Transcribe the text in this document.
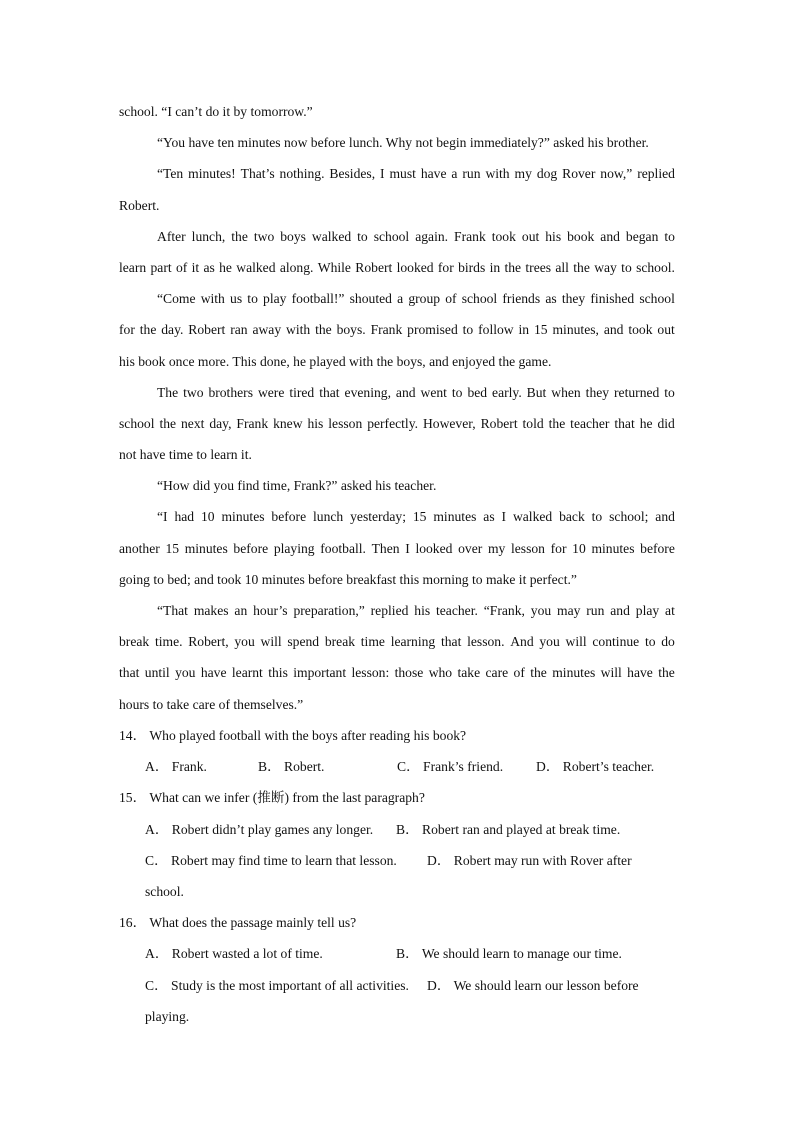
school. “I can’t do it by tomorrow.”
“You have ten minutes now before lunch. Why not begin immediately?” asked his brother.
“Ten minutes! That’s nothing. Besides, I must have a run with my dog Rover now,” replied
Robert.
After lunch, the two boys walked to school again. Frank took out his book and began to
learn part of it as he walked along. While Robert looked for birds in the trees all the way to school.
“Come with us to play football!” shouted a group of school friends as they finished school
for the day. Robert ran away with the boys. Frank promised to follow in 15 minutes, and took out
his book once more. This done, he played with the boys, and enjoyed the game.
The two brothers were tired that evening, and went to bed early. But when they returned to
school the next day, Frank knew his lesson perfectly. However, Robert told the teacher that he did
not have time to learn it.
“How did you find time, Frank?” asked his teacher.
“I had 10 minutes before lunch yesterday; 15 minutes as I walked back to school; and
another 15 minutes before playing football. Then I looked over my lesson for 10 minutes before
going to bed; and took 10 minutes before breakfast this morning to make it perfect.”
“That makes an hour’s preparation,” replied his teacher. “Frank, you may run and play at
break time. Robert, you will spend break time learning that lesson. And you will continue to do
that until you have learnt this important lesson: those who take care of the minutes will have the
hours to take care of themselves.”
14． Who played football with the boys after reading his book?
A． Frank.	B． Robert.	C． Frank’s friend.	D． Robert’s teacher.
15． What can we infer (推断) from the last paragraph?
A． Robert didn’t play games any longer.	B． Robert ran and played at break time.
C． Robert may find time to learn that lesson.	D． Robert may run with Rover after
school.
16． What does the passage mainly tell us?
A． Robert wasted a lot of time.	B． We should learn to manage our time.
C． Study is the most important of all activities.	D． We should learn our lesson before
playing.
